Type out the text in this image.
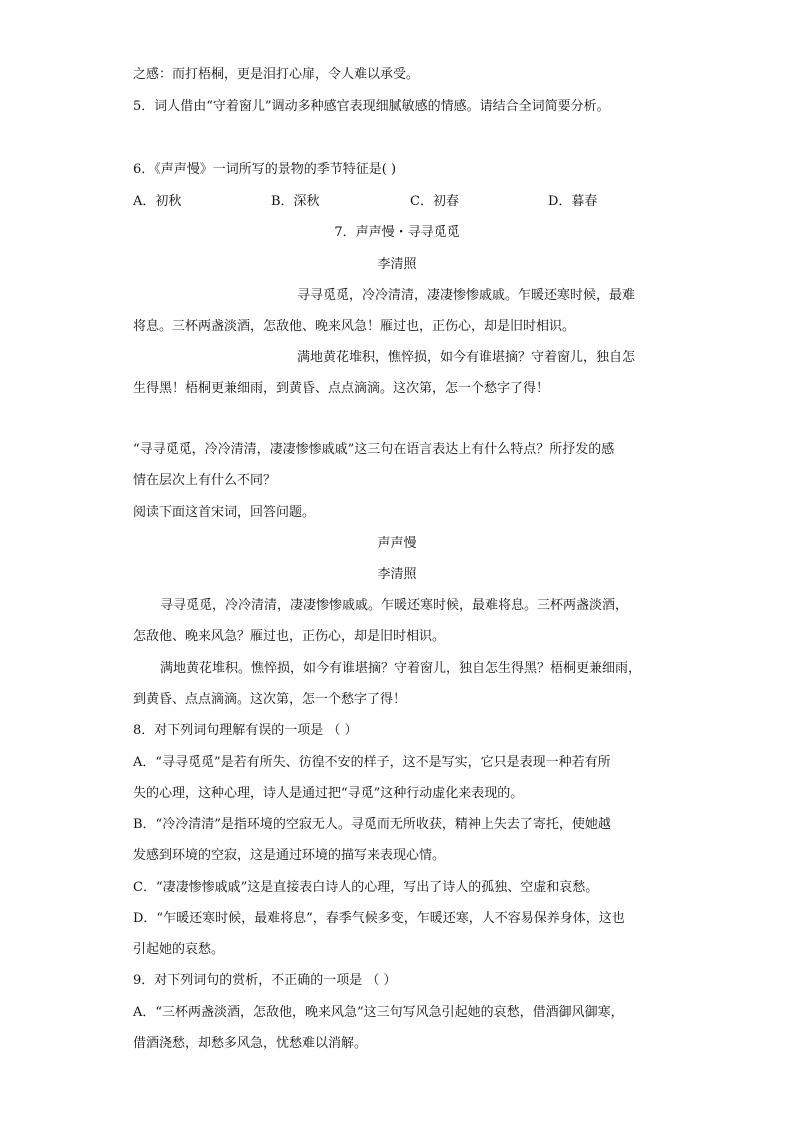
之感：而打梧桐，更是泪打心扉，令人难以承受。
5．词人借由“守着窗儿”调动多种感官表现细腻敏感的情感。请结合全词简要分析。
6．《声声慢》一词所写的景物的季节特征是( )
A．初秋	B．深秋	C．初春	D．暮春
7．声声慢・寻寻觅觅
李清照
寻寻觅觅，冷冷清清，凄凄惨惨戚戚。乍暖还寒时候，最难
将息。三杯两盏淡酒，怎敌他、晚来风急！雁过也，正伤心，却是旧时相识。
满地黄花堆积，憔悴损，如今有谁堪摘？守着窗儿，独自怎
生得黑！梧桐更兼细雨，到黄昏、点点滴滴。这次第，怎一个愁字了得！
“寻寻觅觅，冷冷清清，凄凄惨惨戚戚”这三句在语言表达上有什么特点？所抒发的感
情在层次上有什么不同？
阅读下面这首宋词，回答问题。
声声慢
李清照
寻寻觅觅，冷冷清清，凄凄惨惨戚戚。乍暖还寒时候，最难将息。三杯两盏淡酒，
怎敌他、晚来风急？雁过也，正伤心，却是旧时相识。
满地黄花堆积。憔悴损，如今有谁堪摘？守着窗儿，独自怎生得黑？梧桐更兼细雨，
到黄昏、点点滴滴。这次第，怎一个愁字了得！
8．对下列词句理解有误的一项是 （ ）
A．“寻寻觅觅”是若有所失、彷徨不安的样子，这不是写实，它只是表现一种若有所
失的心理，这种心理，诗人是通过把“寻觅”这种行动虚化来表现的。
B．“冷冷清清”是指环境的空寂无人。寻觅而无所收获，精神上失去了寄托，使她越
发感到环境的空寂，这是通过环境的描写来表现心情。
C．“凄凄惨惨戚戚”这是直接表白诗人的心理，写出了诗人的孤独、空虚和哀愁。
D．“乍暖还寒时候，最难将息”，春季气候多变，乍暖还寒，人不容易保养身体，这也
引起她的哀愁。
9．对下列词句的赏析，不正确的一项是 （ ）
A．“三杯两盏淡酒，怎敌他，晚来风急”这三句写风急引起她的哀愁，借酒御风御寒，
借酒浇愁，却愁多风急，忧愁难以消解。
